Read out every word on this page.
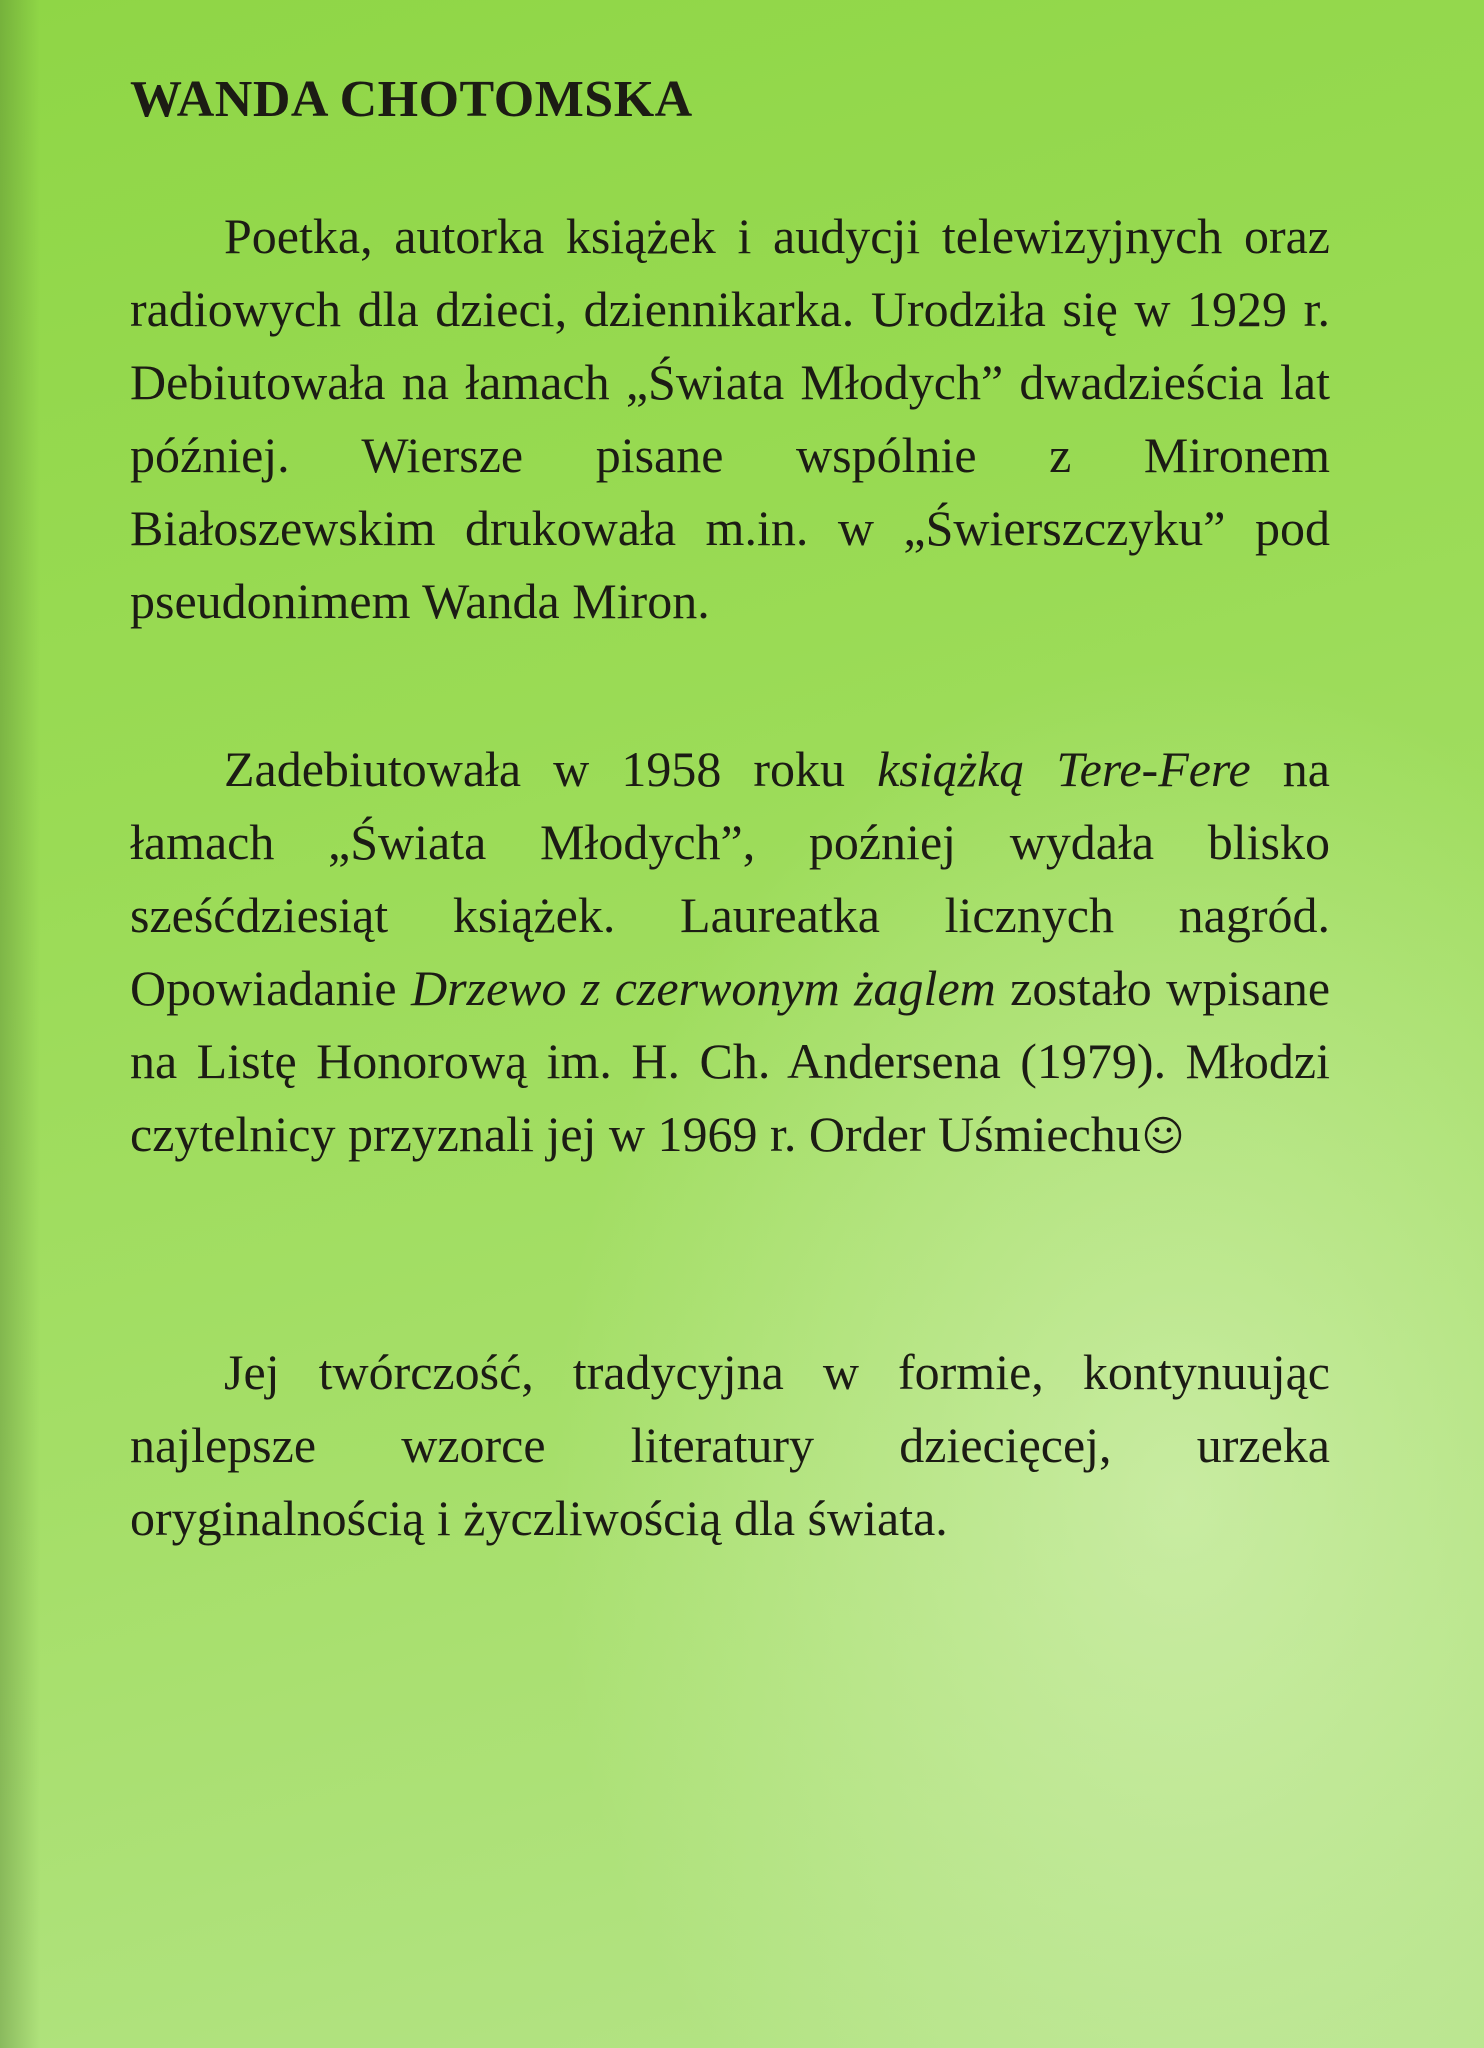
WANDA CHOTOMSKA

Poetka, autorka książek i audycji telewizyjnych oraz radiowych dla dzieci, dziennikarka. Urodziła się w 1929 r. Debiutowała na łamach „Świata Młodych” dwadzieścia lat później. Wiersze pisane wspólnie z Mironem Białoszewskim drukowała m.in. w „Świerszczyku” pod pseudonimem Wanda Miron.

Zadebiutowała w 1958 roku książką Tere-Fere na łamach „Świata Młodych”, poźniej wydała blisko sześćdziesiąt książek. Laureatka licznych nagród. Opowiadanie Drzewo z czerwonym żaglem zostało wpisane na Listę Honorową im. H. Ch. Andersena (1979). Młodzi czytelnicy przyznali jej w 1969 r. Order Uśmiechu

Jej twórczość, tradycyjna w formie, kontynuując najlepsze wzorce literatury dziecięcej, urzeka oryginalnością i życzliwością dla świata.
